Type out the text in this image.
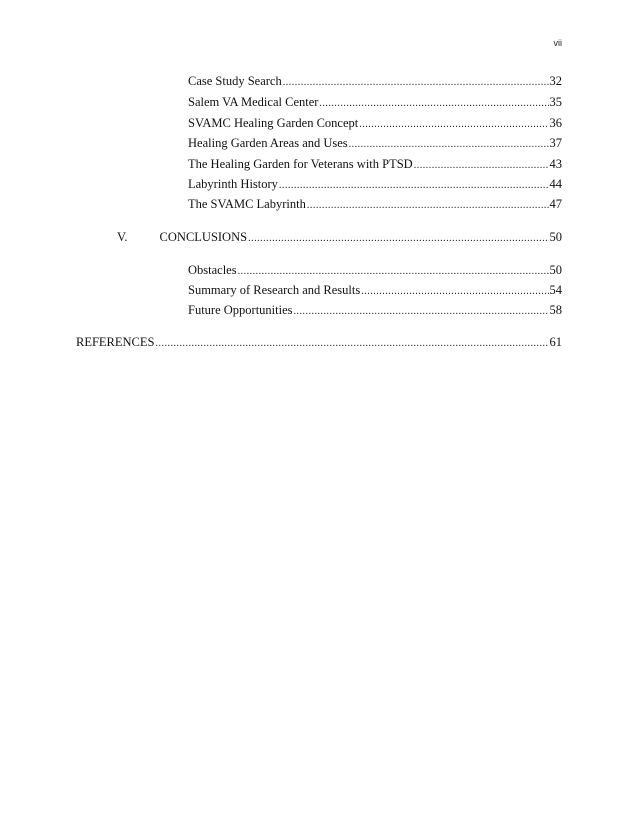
vii
Case Study Search .....	32
Salem VA Medical Center .....	35
SVAMC Healing Garden Concept .....	36
Healing Garden Areas and Uses .....	37
The Healing Garden for Veterans with PTSD .....	43
Labyrinth History .....	44
The SVAMC Labyrinth .....	47
V.	CONCLUSIONS .....	50
Obstacles .....	50
Summary of Research and Results .....	54
Future Opportunities .....	58
REFERENCES .....	61
